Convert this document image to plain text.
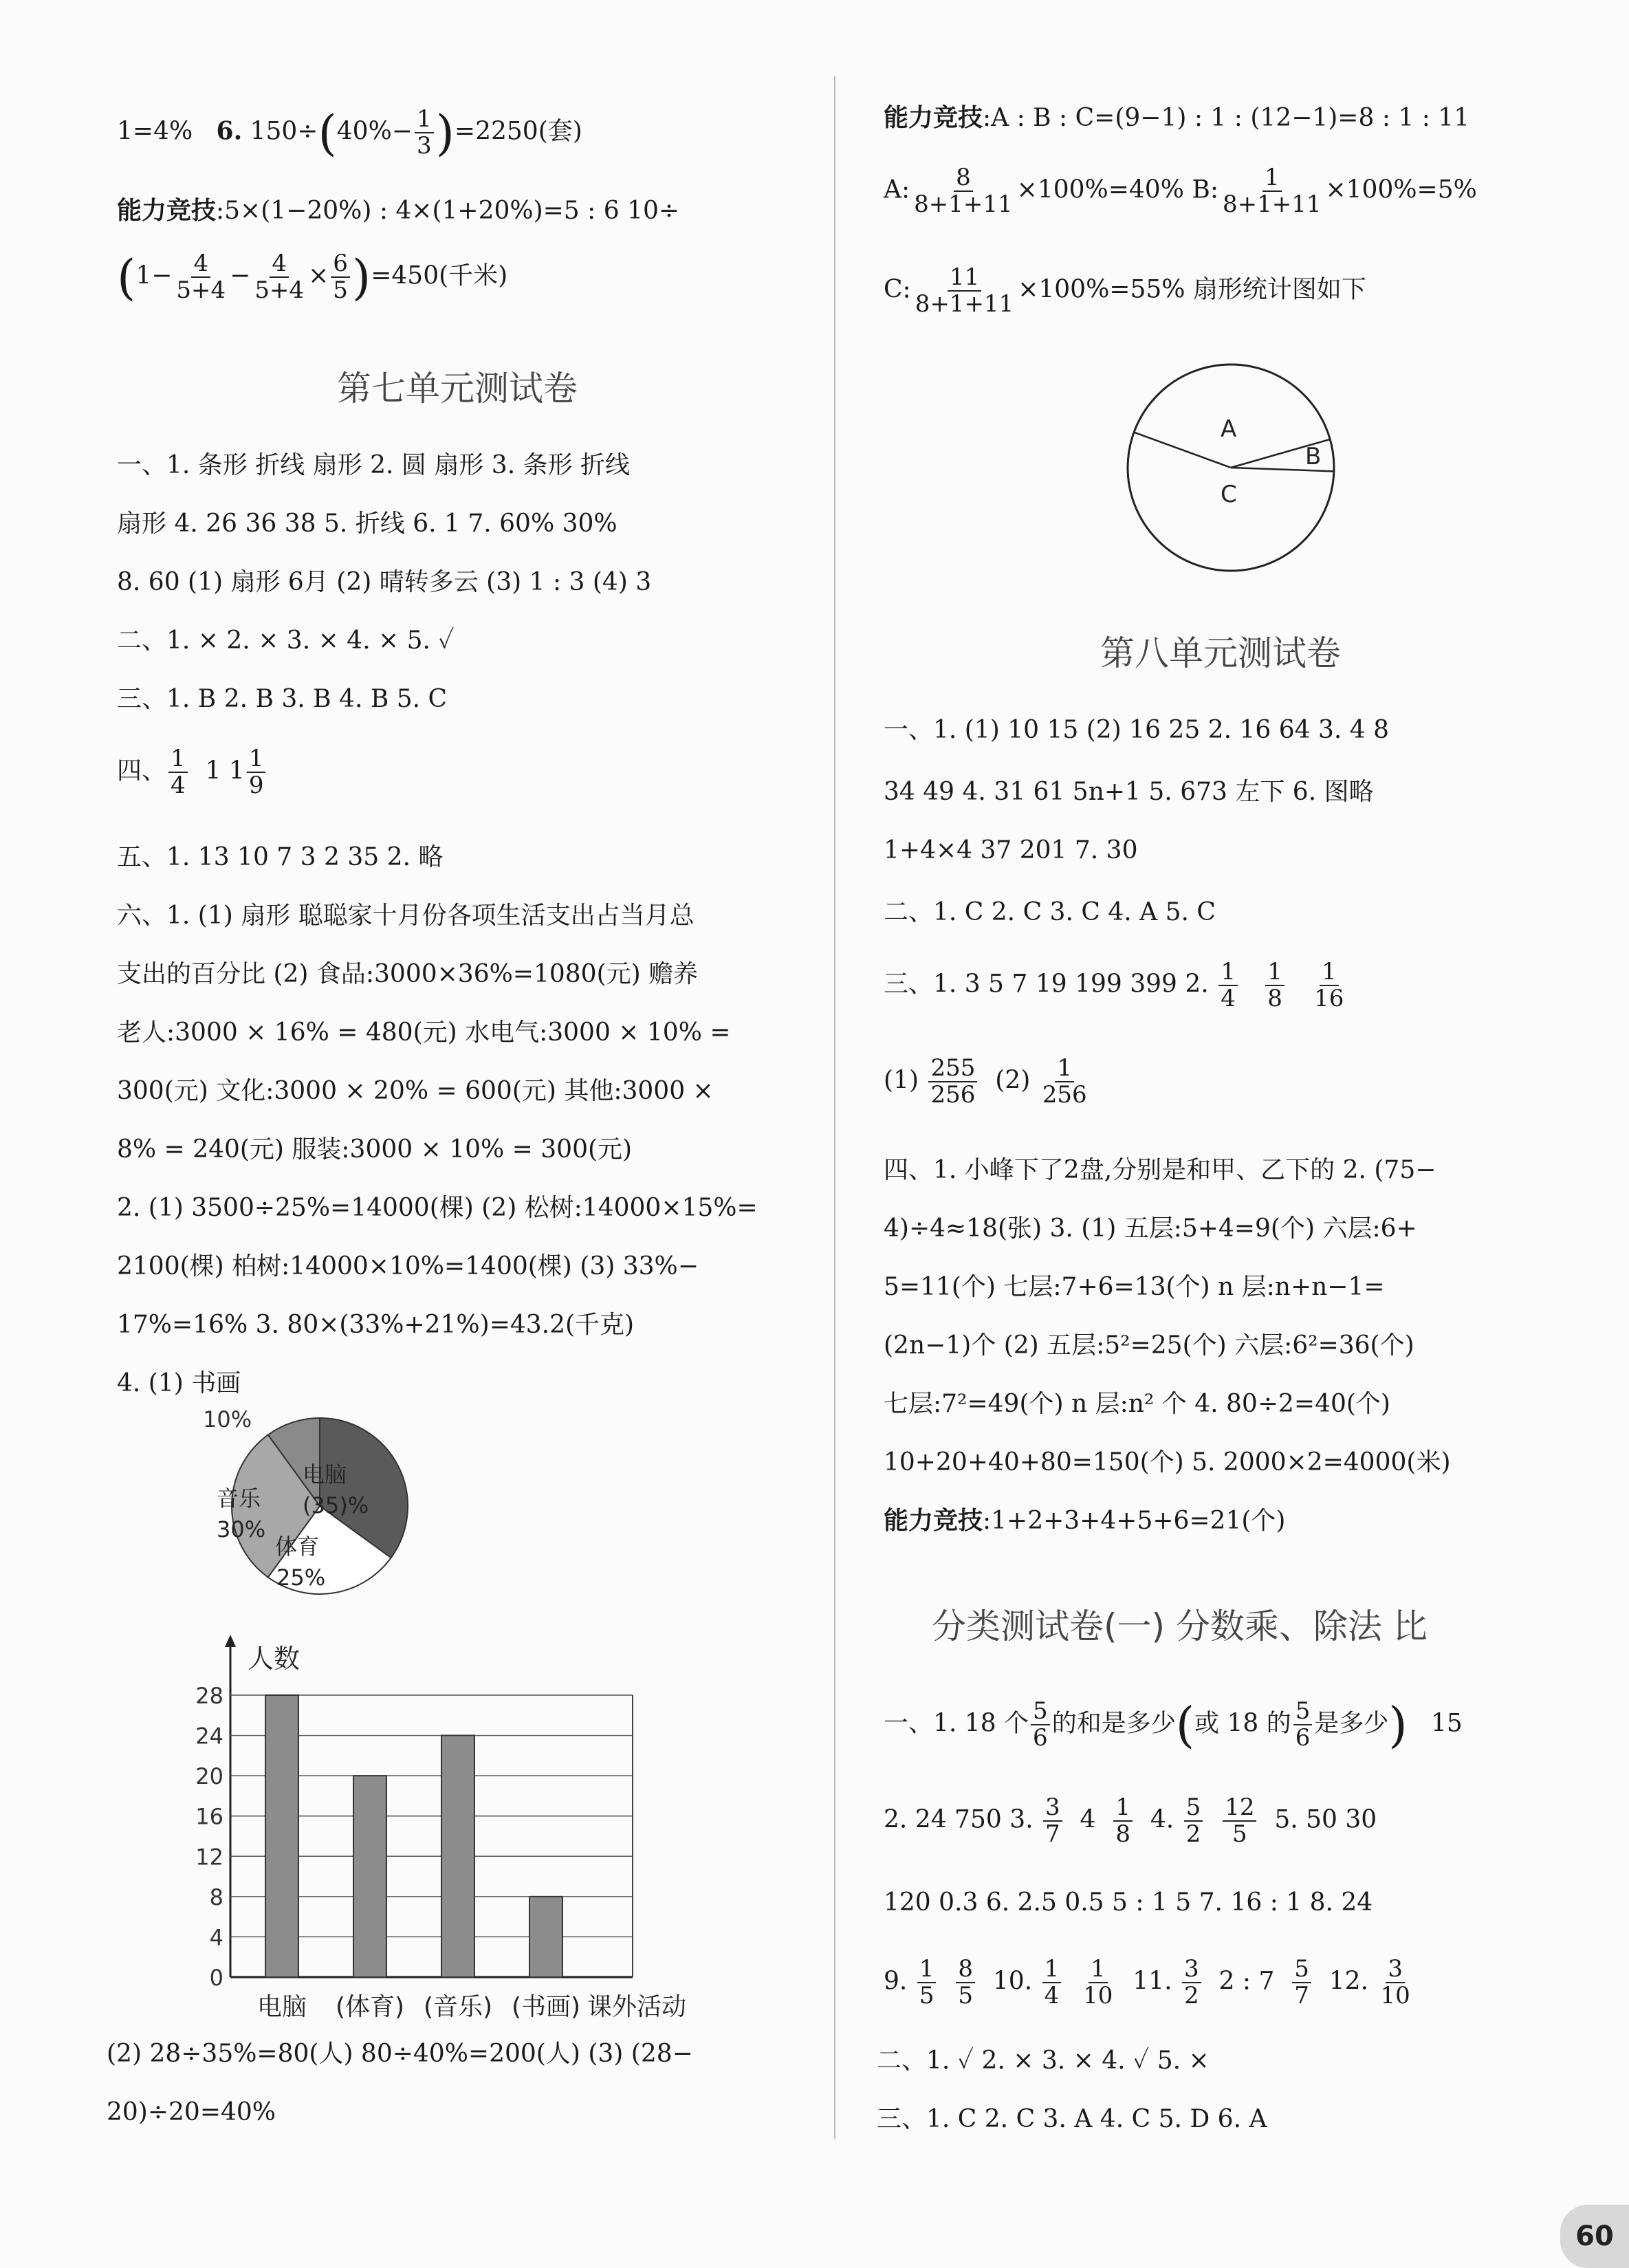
1=4% 6. $150\div(40\%- \frac{1}{3} )=2250$(套)
能力竞技:5×(1−20%) : 4×(1+20%)=5 : 6 10÷
$(1- \frac{4}{5+4} - \frac{4}{5+4} \times \frac{6}{5} )=450$(千米)
第七单元测试卷
一、1. 条形 折线 扇形 2. 圆 扇形 3. 条形 折线
扇形 4. 26 36 38 5. 折线 6. 1 7. 60% 30%
8. 60 (1) 扇形 6月 (2) 晴转多云 (3) 1 : 3 (4) 3
二、1. × 2. × 3. × 4. × 5. ✓
三、1. B 2. B 3. B 4. B 5. C
四、 $\frac{1}{4} 1$ $1 \frac{1}{9}$
五、1. 13 10 7 3 2 35 2. 略
六、1. (1) 扇形 聪聪家十月份各项生活支出占当月总
支出的百分比 (2) 食品:3000×36%=1080(元) 赡养
老人:3000 × 16% = 480(元) 水电气:3000 × 10% =
300(元) 文化:3000 × 20% = 600(元) 其他:3000 ×
8% = 240(元) 服装:3000 × 10% = 300(元)
2. (1) 3500÷25%=14000(棵) (2) 松树:14000×15%=
2100(棵) 柏树:14000×10%=1400(棵) (3) 33%−
17%=16% 3. 80×(33%+21%)=43.2(千克)
4. (1) 书画
10%
电脑
(35)%
音乐
30%
体育
25%
0
4
8
12
16
20
24
28
电脑 (体育) (音乐) (书画) 课外活动
人数
(2) 28÷35%=80(人) 80÷40%=200(人) (3) (28−
20)÷20=40%
能力竞技:A : B : C=(9−1) : 1 : (12−1)=8 : 1 : 11
A: $\frac{8}{8+1+11} \times 100\%=40\%$ B: $\frac{1}{8+1+11} \times 100\%=5\%$
C: $\frac{11}{8+1+11} \times 100\%=55\%$ 扇形统计图如下
A
B
C
第八单元测试卷
一、1. (1) 10 15 (2) 16 25 2. 16 64 3. 4 8
34 49 4. 31 61 5n+1 5. 673 左下 6. 图略
1+4×4 37 201 7. 30
二、1. C 2. C 3. C 4. A 5. C
三、1. 3 5 7 19 199 399 2. $\frac{1}{4}$
$\frac{1}{8}$
$\frac{1}{16}$
$(1) \frac{255}{256} (2) \frac{1}{256}$
四、1. 小峰下了2盘,分别是和甲、乙下的 2. (75−
4)÷4≈18(张) 3. (1) 五层:5+4=9(个) 六层:6+
5=11(个) 七层:7+6=13(个) n 层:n+n−1=
(2n−1)个 (2) 五层:5²=25(个) 六层:6²=36(个)
七层:7²=49(个) n 层:n² 个 4. 80÷2=40(个)
10+20+40+80=150(个) 5. 2000×2=4000(米)
能力竞技:1+2+3+4+5+6=21(个)
分类测试卷(一) 分数乘、除法 比
一、1. 18 个 $\frac{5}{6}$ 的和是多少(或 18 的 $\frac{5}{6}$ 是多少) 15
2. 24 750 3. $\frac{3}{7} 4 \frac{1}{8} 4$. $\frac{5}{2}$
$\frac{12}{5} 5$. 50 30
120 0.3 6. 2.5 0.5 5 : 1 5 7. 16 : 1 8. 24
9. $\frac{1}{5}$
$\frac{8}{5} 10$. $\frac{1}{4}$
$\frac{1}{10} 11$. $\frac{3}{2} 2$ : $7 \frac{5}{7} 12$. $\frac{3}{10}$
二、1. ✓ 2. × 3. × 4. ✓ 5. ×
三、1. C 2. C 3. A 4. C 5. D 6. A
60
